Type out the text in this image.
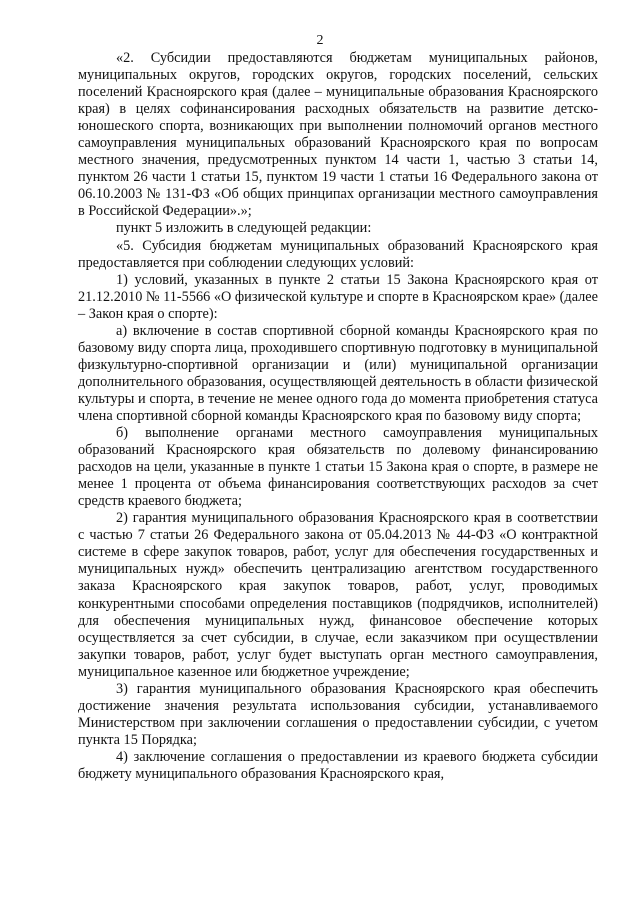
2

«2. Субсидии предоставляются бюджетам муниципальных районов, муниципальных округов, городских округов, городских поселений, сельских поселений Красноярского края (далее – муниципальные образования Красноярского края) в целях софинансирования расходных обязательств на развитие детско-юношеского спорта, возникающих при выполнении полномочий органов местного самоуправления муниципальных образований Красноярского края по вопросам местного значения, предусмотренных пунктом 14 части 1, частью 3 статьи 14, пунктом 26 части 1 статьи 15, пунктом 19 части 1 статьи 16 Федерального закона от 06.10.2003 № 131-ФЗ «Об общих принципах организации местного самоуправления в Российской Федерации».»;

пункт 5 изложить в следующей редакции:

«5. Субсидия бюджетам муниципальных образований Красноярского края предоставляется при соблюдении следующих условий:

1) условий, указанных в пункте 2 статьи 15 Закона Красноярского края от 21.12.2010 № 11-5566 «О физической культуре и спорте в Красноярском крае» (далее – Закон края о спорте):

а) включение в состав спортивной сборной команды Красноярского края по базовому виду спорта лица, проходившего спортивную подготовку в муниципальной физкультурно-спортивной организации и (или) муниципальной организации дополнительного образования, осуществляющей деятельность в области физической культуры и спорта, в течение не менее одного года до момента приобретения статуса члена спортивной сборной команды Красноярского края по базовому виду спорта;

б) выполнение органами местного самоуправления муниципальных образований Красноярского края обязательств по долевому финансированию расходов на цели, указанные в пункте 1 статьи 15 Закона края о спорте, в размере не менее 1 процента от объема финансирования соответствующих расходов за счет средств краевого бюджета;

2) гарантия муниципального образования Красноярского края в соответствии с частью 7 статьи 26 Федерального закона от 05.04.2013 № 44-ФЗ «О контрактной системе в сфере закупок товаров, работ, услуг для обеспечения государственных и муниципальных нужд» обеспечить централизацию агентством государственного заказа Красноярского края закупок товаров, работ, услуг, проводимых конкурентными способами определения поставщиков (подрядчиков, исполнителей) для обеспечения муниципальных нужд, финансовое обеспечение которых осуществляется за счет субсидии, в случае, если заказчиком при осуществлении закупки товаров, работ, услуг будет выступать орган местного самоуправления, муниципальное казенное или бюджетное учреждение;

3) гарантия муниципального образования Красноярского края обеспечить достижение значения результата использования субсидии, устанавливаемого Министерством при заключении соглашения о предоставлении субсидии, с учетом пункта 15 Порядка;

4) заключение соглашения о предоставлении из краевого бюджета субсидии бюджету муниципального образования Красноярского края,
